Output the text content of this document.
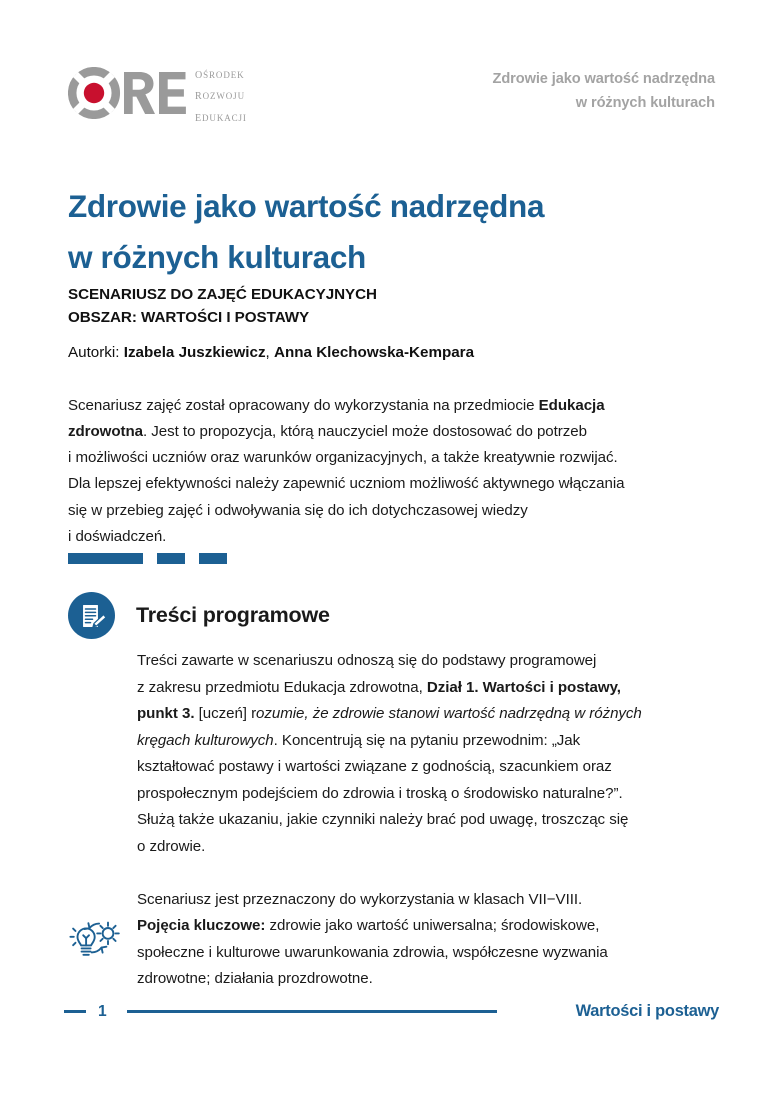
ośrodek
rozwoju
edukacji
Zdrowie jako wartość nadrzędna
w różnych kulturach
Zdrowie jako wartość nadrzędna
w różnych kulturach
SCENARIUSZ DO ZAJĘĆ EDUKACYJNYCH
OBSZAR: WARTOŚCI I POSTAWY
Autorki: Izabela Juszkiewicz, Anna Klechowska-Kempara

Scenariusz zajęć został opracowany do wykorzystania na przedmiocie Edukacja
zdrowotna. Jest to propozycja, którą nauczyciel może dostosować do potrzeb
i możliwości uczniów oraz warunków organizacyjnych, a także kreatywnie rozwijać.
Dla lepszej efektywności należy zapewnić uczniom możliwość aktywnego włączania
się w przebieg zajęć i odwoływania się do ich dotychczasowej wiedzy
i doświadczeń.

Treści programowe
Treści zawarte w scenariuszu odnoszą się do podstawy programowej
z zakresu przedmiotu Edukacja zdrowotna, Dział 1. Wartości i postawy,
punkt 3. [uczeń] rozumie, że zdrowie stanowi wartość nadrzędną w różnych
kręgach kulturowych. Koncentrują się na pytaniu przewodnim: „Jak
kształtować postawy i wartości związane z godnością, szacunkiem oraz
prospołecznym podejściem do zdrowia i troską o środowisko naturalne?”.
Służą także ukazaniu, jakie czynniki należy brać pod uwagę, troszcząc się
o zdrowie.
Scenariusz jest przeznaczony do wykorzystania w klasach VII−VIII.
Pojęcia kluczowe: zdrowie jako wartość uniwersalna; środowiskowe,
społeczne i kulturowe uwarunkowania zdrowia, współczesne wyzwania
zdrowotne; działania prozdrowotne.
1	Wartości i postawy
